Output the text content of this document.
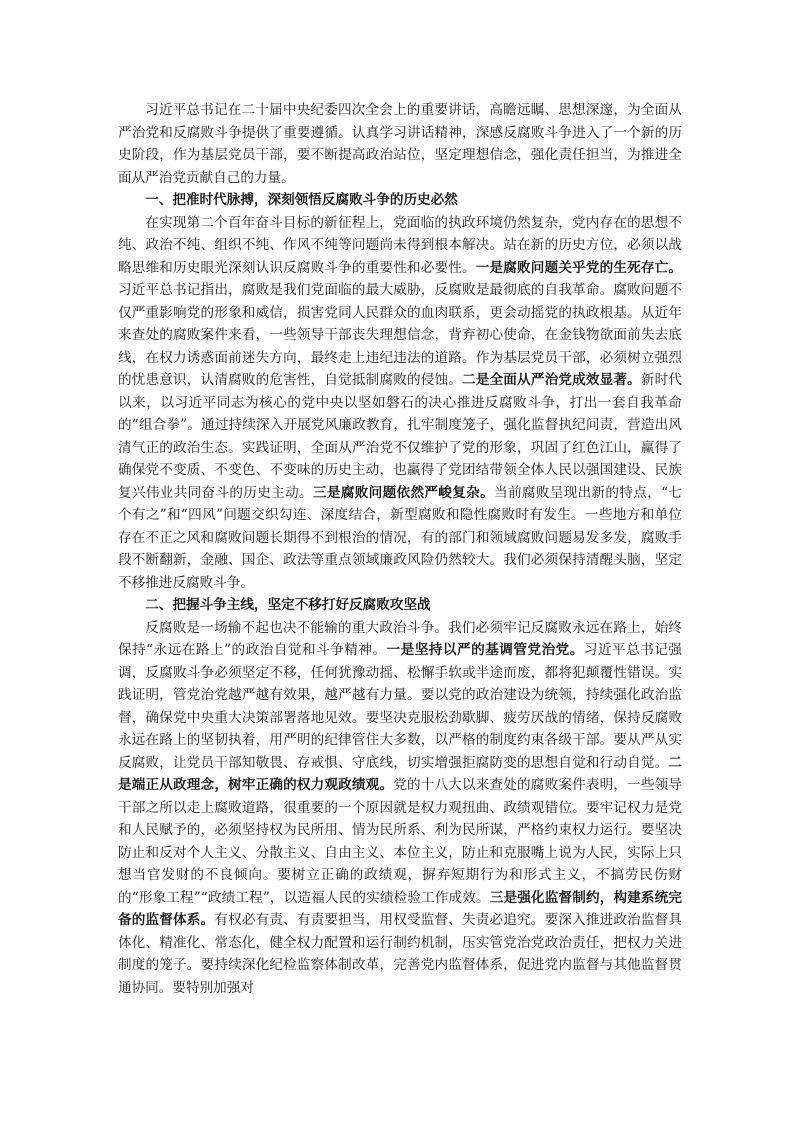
习近平总书记在二十届中央纪委四次全会上的重要讲话，高瞻远瞩、思想深邃，为全面从严治党和反腐败斗争提供了重要遵循。认真学习讲话精神，深感反腐败斗争进入了一个新的历史阶段，作为基层党员干部，要不断提高政治站位，坚定理想信念，强化责任担当，为推进全面从严治党贡献自己的力量。

一、把准时代脉搏，深刻领悟反腐败斗争的历史必然

在实现第二个百年奋斗目标的新征程上，党面临的执政环境仍然复杂，党内存在的思想不纯、政治不纯、组织不纯、作风不纯等问题尚未得到根本解决。站在新的历史方位，必须以战略思维和历史眼光深刻认识反腐败斗争的重要性和必要性。一是腐败问题关乎党的生死存亡。习近平总书记指出，腐败是我们党面临的最大威胁，反腐败是最彻底的自我革命。腐败问题不仅严重影响党的形象和威信，损害党同人民群众的血肉联系，更会动摇党的执政根基。从近年来查处的腐败案件来看，一些领导干部丧失理想信念，背弃初心使命，在金钱物欲面前失去底线，在权力诱惑面前迷失方向，最终走上违纪违法的道路。作为基层党员干部，必须树立强烈的忧患意识，认清腐败的危害性，自觉抵制腐败的侵蚀。二是全面从严治党成效显著。新时代以来，以习近平同志为核心的党中央以坚如磐石的决心推进反腐败斗争，打出一套自我革命的“组合拳”。通过持续深入开展党风廉政教育，扎牢制度笼子，强化监督执纪问责，营造出风清气正的政治生态。实践证明，全面从严治党不仅维护了党的形象，巩固了红色江山，赢得了确保党不变质、不变色、不变味的历史主动，也赢得了党团结带领全体人民以强国建设、民族复兴伟业共同奋斗的历史主动。三是腐败问题依然严峻复杂。当前腐败呈现出新的特点，“七个有之”和“四风”问题交织勾连、深度结合，新型腐败和隐性腐败时有发生。一些地方和单位存在不正之风和腐败问题长期得不到根治的情况，有的部门和领域腐败问题易发多发，腐败手段不断翻新，金融、国企、政法等重点领域廉政风险仍然较大。我们必须保持清醒头脑，坚定不移推进反腐败斗争。

二、把握斗争主线，坚定不移打好反腐败攻坚战

反腐败是一场输不起也决不能输的重大政治斗争。我们必须牢记反腐败永远在路上，始终保持“永远在路上”的政治自觉和斗争精神。一是坚持以严的基调管党治党。习近平总书记强调，反腐败斗争必须坚定不移，任何犹豫动摇、松懈手软或半途而废，都将犯颠覆性错误。实践证明，管党治党越严越有效果，越严越有力量。要以党的政治建设为统领，持续强化政治监督，确保党中央重大决策部署落地见效。要坚决克服松劲歇脚、疲劳厌战的情绪，保持反腐败永远在路上的坚韧执着，用严明的纪律管住大多数，以严格的制度约束各级干部。要从严从实反腐败，让党员干部知敬畏、存戒惧、守底线，切实增强拒腐防变的思想自觉和行动自觉。二是端正从政理念，树牢正确的权力观政绩观。党的十八大以来查处的腐败案件表明，一些领导干部之所以走上腐败道路，很重要的一个原因就是权力观扭曲、政绩观错位。要牢记权力是党和人民赋予的，必须坚持权为民所用、情为民所系、利为民所谋，严格约束权力运行。要坚决防止和反对个人主义、分散主义、自由主义、本位主义，防止和克服嘴上说为人民，实际上只想当官发财的不良倾向。要树立正确的政绩观，摒弃短期行为和形式主义，不搞劳民伤财的“形象工程”“政绩工程”，以造福人民的实绩检验工作成效。三是强化监督制约，构建系统完备的监督体系。有权必有责、有责要担当，用权受监督、失责必追究。要深入推进政治监督具体化、精准化、常态化，健全权力配置和运行制约机制，压实管党治党政治责任，把权力关进制度的笼子。要持续深化纪检监察体制改革，完善党内监督体系，促进党内监督与其他监督贯通协同。要特别加强对
